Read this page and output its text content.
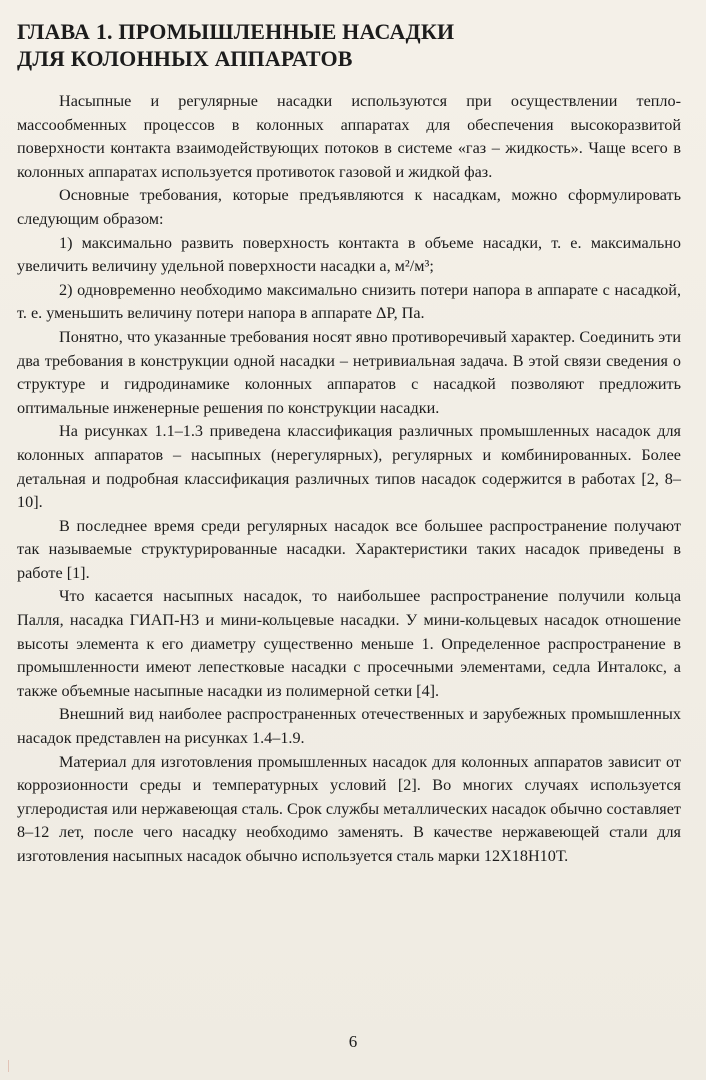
ГЛАВА 1. ПРОМЫШЛЕННЫЕ НАСАДКИ
ДЛЯ КОЛОННЫХ АППАРАТОВ

Насыпные и регулярные насадки используются при осуществлении тепло-массообменных процессов в колонных аппаратах для обеспечения высокоразвитой поверхности контакта взаимодействующих потоков в системе «газ – жидкость». Чаще всего в колонных аппаратах используется противоток газовой и жидкой фаз.

Основные требования, которые предъявляются к насадкам, можно сформулировать следующим образом:

1) максимально развить поверхность контакта в объеме насадки, т. е. максимально увеличить величину удельной поверхности насадки a, м²/м³;

2) одновременно необходимо максимально снизить потери напора в аппарате с насадкой, т. е. уменьшить величину потери напора в аппарате ΔP, Па.

Понятно, что указанные требования носят явно противоречивый характер. Соединить эти два требования в конструкции одной насадки – нетривиальная задача. В этой связи сведения о структуре и гидродинамике колонных аппаратов с насадкой позволяют предложить оптимальные инженерные решения по конструкции насадки.

На рисунках 1.1–1.3 приведена классификация различных промышленных насадок для колонных аппаратов – насыпных (нерегулярных), регулярных и комбинированных. Более детальная и подробная классификация различных типов насадок содержится в работах [2, 8–10].

В последнее время среди регулярных насадок все большее распространение получают так называемые структурированные насадки. Характеристики таких насадок приведены в работе [1].

Что касается насыпных насадок, то наибольшее распространение получили кольца Палля, насадка ГИАП-Н3 и мини-кольцевые насадки. У мини-кольцевых насадок отношение высоты элемента к его диаметру существенно меньше 1. Определенное распространение в промышленности имеют лепестковые насадки с просечными элементами, седла Инталокс, а также объемные насыпные насадки из полимерной сетки [4].

Внешний вид наиболее распространенных отечественных и зарубежных промышленных насадок представлен на рисунках 1.4–1.9.

Материал для изготовления промышленных насадок для колонных аппаратов зависит от коррозионности среды и температурных условий [2]. Во многих случаях используется углеродистая или нержавеющая сталь. Срок службы металлических насадок обычно составляет 8–12 лет, после чего насадку необходимо заменять. В качестве нержавеющей стали для изготовления насыпных насадок обычно используется сталь марки 12Х18Н10Т.

6
